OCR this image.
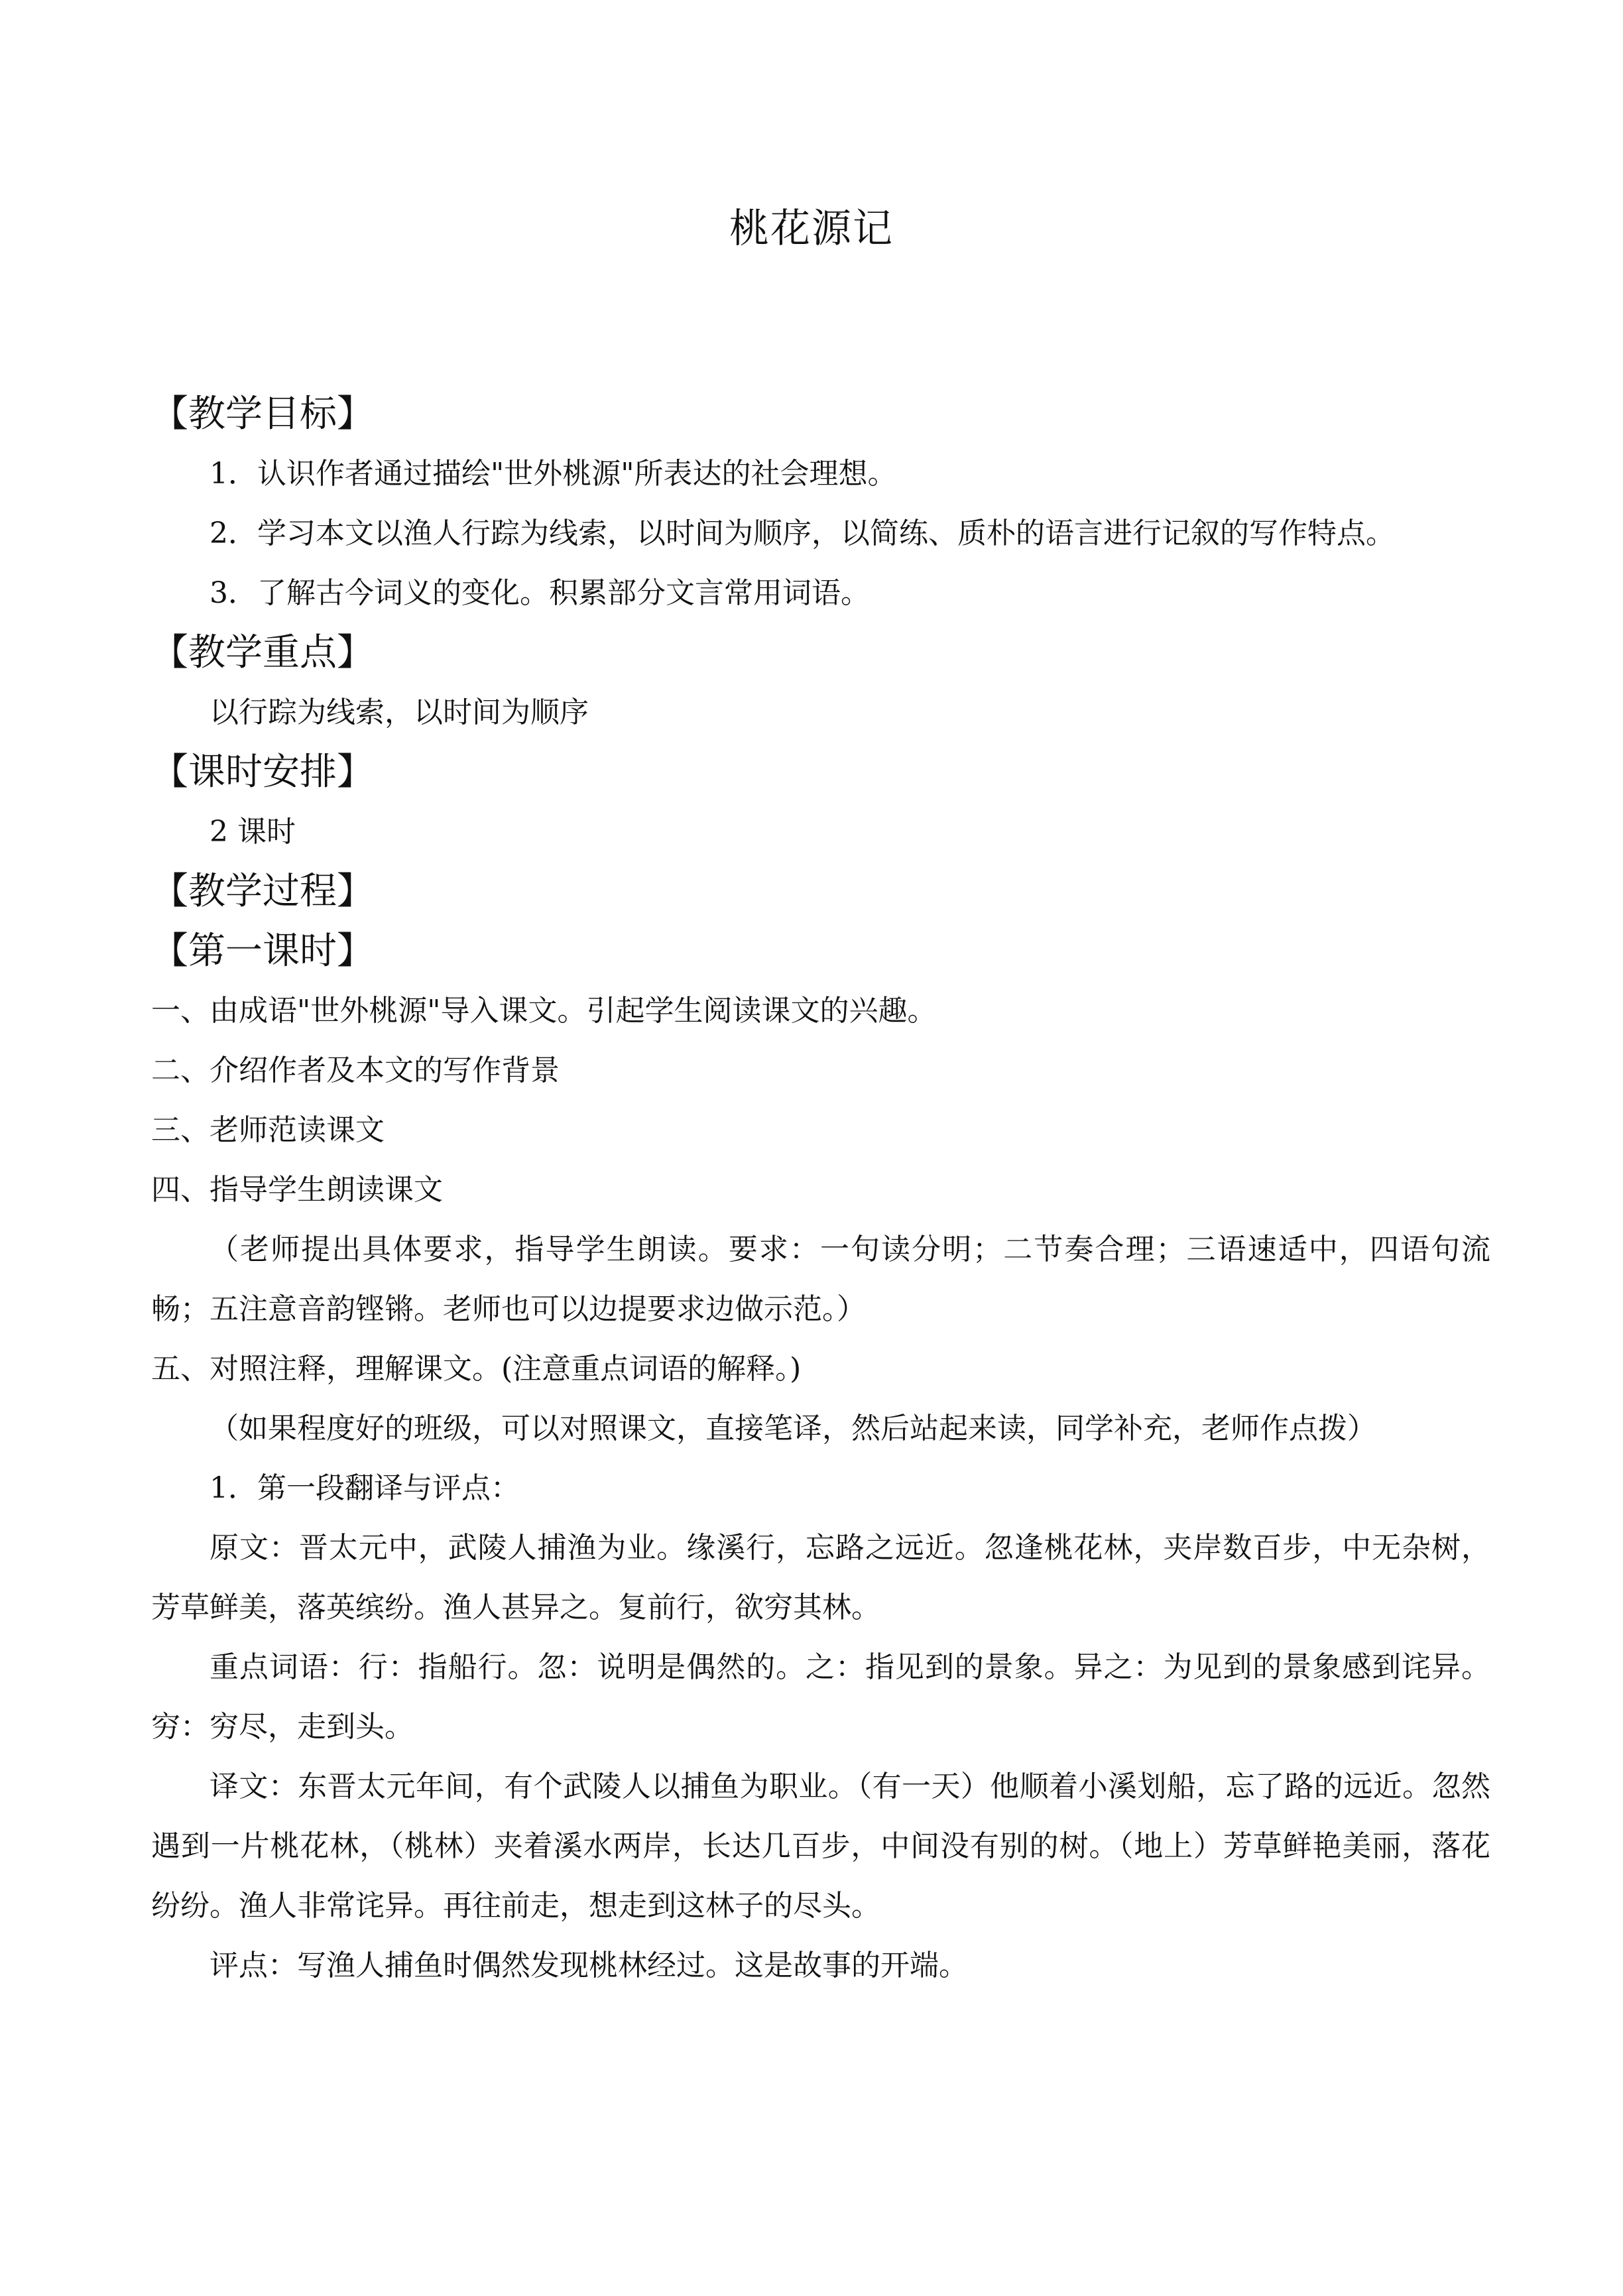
桃花源记
【教学目标】

1．认识作者通过描绘"世外桃源"所表达的社会理想。

2．学习本文以渔人行踪为线索，以时间为顺序，以简练、质朴的语言进行记叙的写作特点。

3．了解古今词义的变化。积累部分文言常用词语。

【教学重点】

以行踪为线索，以时间为顺序

【课时安排】

2 课时

【教学过程】
【第一课时】

一、由成语"世外桃源"导入课文。引起学生阅读课文的兴趣。

二、介绍作者及本文的写作背景

三、老师范读课文

四、指导学生朗读课文

（老师提出具体要求，指导学生朗读。要求：一句读分明；二节奏合理；三语速适中，四语句流畅；五注意音韵铿锵。老师也可以边提要求边做示范。）

五、对照注释，理解课文。(注意重点词语的解释。)

（如果程度好的班级，可以对照课文，直接笔译，然后站起来读，同学补充，老师作点拨）

1．第一段翻译与评点：

原文：晋太元中，武陵人捕渔为业。缘溪行，忘路之远近。忽逢桃花林，夹岸数百步，中无杂树，芳草鲜美，落英缤纷。渔人甚异之。复前行，欲穷其林。

重点词语：行：指船行。忽：说明是偶然的。之：指见到的景象。异之：为见到的景象感到诧异。穷：穷尽，走到头。

译文：东晋太元年间，有个武陵人以捕鱼为职业。（有一天）他顺着小溪划船，忘了路的远近。忽然遇到一片桃花林，（桃林）夹着溪水两岸，长达几百步，中间没有别的树。（地上）芳草鲜艳美丽，落花纷纷。渔人非常诧异。再往前走，想走到这林子的尽头。

评点：写渔人捕鱼时偶然发现桃林经过。这是故事的开端。
